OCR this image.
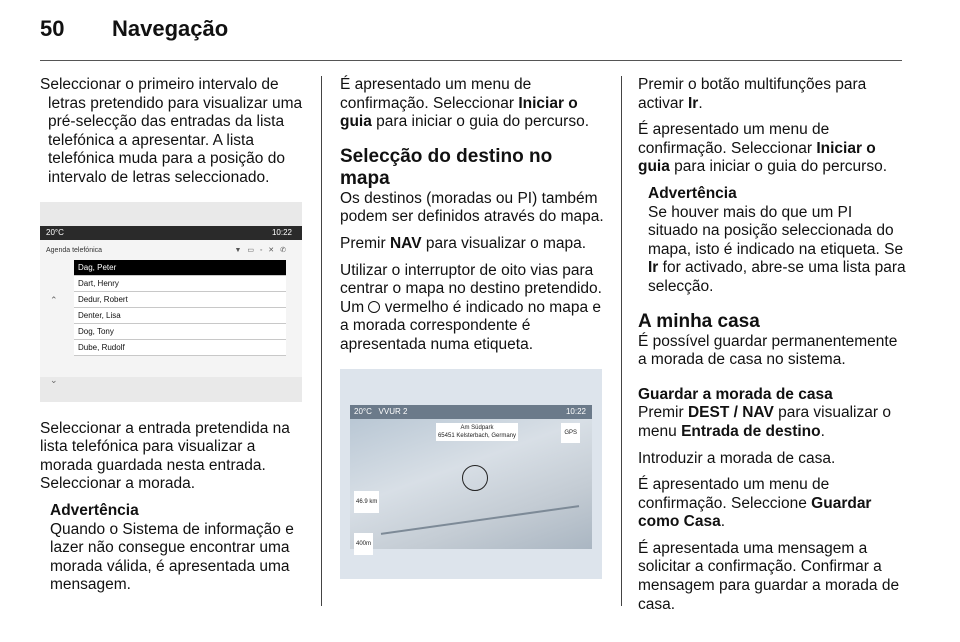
50 Navegação

Seleccionar o primeiro intervalo de letras pretendido para visualizar uma pré-selecção das entradas da lista telefónica a apresentar. A lista telefónica muda para a posição do intervalo de letras seleccionado.

20°C	10:22
Agenda telefónica	▼ ▭ ◦ ✕ ✆
⌃
⌄
Dag, Peter
Dart, Henry
Dedur, Robert
Denter, Lisa
Dog, Tony
Dube, Rudolf

Seleccionar a entrada pretendida na lista telefónica para visualizar a morada guardada nesta entrada. Seleccionar a morada.

Advertência
Quando o Sistema de informação e lazer não consegue encontrar uma morada válida, é apresentada uma mensagem.

É apresentado um menu de confirmação. Seleccionar Iniciar o guia para iniciar o guia do percurso.

Selecção do destino no mapa

Os destinos (moradas ou PI) também podem ser definidos através do mapa.

Premir NAV para visualizar o mapa.

Utilizar o interruptor de oito vias para centrar o mapa no destino pretendido. Um  vermelho é indicado no mapa e a morada correspondente é apresentada numa etiqueta.

20°C VVUR 2	10:22
Am Südpark
65451 Kelsterbach, Germany	GPS
46.9 km
400m

Premir o botão multifunções para activar Ir.

É apresentado um menu de confirmação. Seleccionar Iniciar o guia para iniciar o guia do percurso.

Advertência
Se houver mais do que um PI situado na posição seleccionada do mapa, isto é indicado na etiqueta. Se Ir for activado, abre-se uma lista para selecção.
A minha casa

É possível guardar permanentemente a morada de casa no sistema.

Guardar a morada de casa

Premir DEST / NAV para visualizar o menu Entrada de destino.

Introduzir a morada de casa.

É apresentado um menu de confirmação. Seleccione Guardar como Casa.

É apresentada uma mensagem a solicitar a confirmação. Confirmar a mensagem para guardar a morada de casa.
